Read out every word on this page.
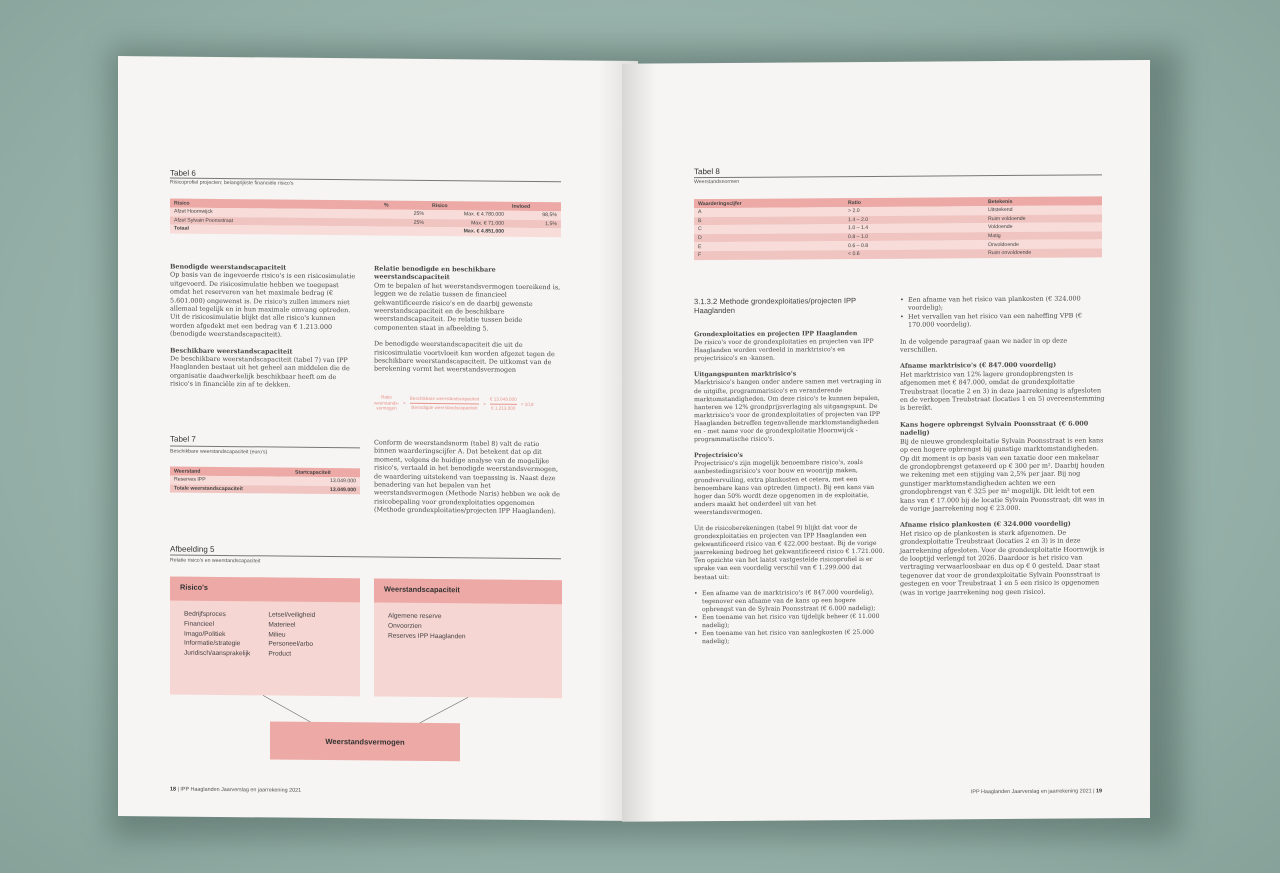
Tabel 6
Risicoprofiel projecten; belangrijkste financiële risico's
Risico	%	Risico	Invloed
Afzet Hoornwijck	25%	Max. € 4.780.000	98,5%
Afzet Sylvain Poonsstraat	25%	Max. € 71.000	1,5%
Totaal		Max. € 4.851.000	

Benodigde weerstandscapaciteit
Op basis van de ingevoerde risico's is een risicosimulatie uitgevoerd. De risicosimulatie hebben we toegepast omdat het reserveren van het maximale bedrag (€ 5.601.000) ongewenst is. De risico's zullen immers niet allemaal tegelijk en in hun maximale omvang optreden. Uit de risicosimulatie blijkt dat alle risico's kunnen worden afgedekt met een bedrag van € 1.213.000 (benodigde weerstandscapaciteit).

Beschikbare weerstandscapaciteit
De beschikbare weerstandscapaciteit (tabel 7) van IPP Haaglanden bestaat uit het geheel aan middelen die de organisatie daadwerkelijk beschikbaar heeft om de risico's in financiële zin af te dekken.

Tabel 7
Beschikbare weerstandscapaciteit (euro's)
Weerstand	Startcapaciteit
Reserves IPP	13.049.000
Totale weerstandscapaciteit	13.049.000

Relatie benodigde en beschikbare weerstandscapaciteit
Om te bepalen of het weerstandsvermogen toereikend is, leggen we de relatie tussen de financieel gekwantificeerde risico's en de daarbij gewenste weerstandscapaciteit en de beschikbare weerstandscapaciteit. De relatie tussen beide componenten staat in afbeelding 5.

De benodigde weerstandscapaciteit die uit de risicosimulatie voortvloeit kan worden afgezet tegen de beschikbare weerstandscapaciteit. De uitkomst van de berekening vormt het weerstandsvermogen

Ratio
weerstands-
vermogen
= $\frac{\text{Beschikbare weerstandscapaciteit}}{\text{Benodigde weerstandscapaciteit}} = \frac{€ 13.049.000}{€ 1.213.000} = 10,8$

Conform de weerstandsnorm (tabel 8) valt de ratio binnen waarderingscijfer A. Dat betekent dat op dit moment, volgens de huidige analyse van de mogelijke risico's, vertaald in het benodigde weerstandsvermogen, de waardering uitstekend van toepassing is. Naast deze benadering van het bepalen van het weerstandsvermogen (Methode Naris) hebben we ook de risicobepaling voor grondexploitaties opgenomen (Methode grondexploitaties/projecten IPP Haaglanden).

Afbeelding 5
Relatie risico's en weerstandscapaciteit
Risico's
Bedrijfsproces
Financieel
Imago/Politiek
Informatie/strategie
Juridisch/aansprakelijk
Letsel/veiligheid
Materieel
Milieu
Personeel/arbo
Product
Weerstandscapaciteit
Algemene reserve
Onvoorzien
Reserves IPP Haaglanden
Weerstandsvermogen
18 | IPP Haaglanden Jaarverslag en jaarrekening 2021
Tabel 8
Weerstandsnormen
Waarderingscijfer	Ratio	Betekenis
A	> 2.0	Uitstekend
B	1.4 – 2.0	Ruim voldoende
C	1.0 – 1.4	Voldoende
D	0.8 – 1.0	Matig
E	0.6 – 0.8	Onvoldoende
F	< 0.6	Ruim onvoldoende
3.1.3.2 Methode grondexploitaties/projecten IPP Haaglanden

Grondexploitaties en projecten IPP Haaglanden
De risico's voor de grondexploitaties en projecten van IPP Haaglanden worden verdeeld in marktrisico's en projectrisico's en -kansen.

Uitgangspunten marktrisico's
Marktrisico's hangen onder andere samen met vertraging in de uitgifte, programmarisico's en veranderende marktomstandigheden. Om deze risico's te kunnen bepalen, hanteren we 12% grondprijsverlaging als uitgangspunt. De marktrisico's voor de grondexploitaties of projecten van IPP Haaglanden betreffen tegenvallende marktomstandigheden en - met name voor de grondexploitatie Hoornwijck - programmatische risico's.

Projectrisico's
Projectrisico's zijn mogelijk benoembare risico's, zoals aanbestedingsrisico's voor bouw en woonrijp maken, grondvervuiling, extra plankosten et cetera, met een benoembare kans van optreden (impact). Bij een kans van hoger dan 50% wordt deze opgenomen in de exploitatie, anders maakt het onderdeel uit van het weerstandsvermogen.

Uit de risicoberekeningen (tabel 9) blijkt dat voor de grondexploitaties en projecten van IPP Haaglanden een gekwantificeerd risico van € 422.000 bestaat. Bij de vorige jaarrekening bedroeg het gekwantificeerd risico € 1.721.000. Ten opzichte van het laatst vastgestelde risicoprofiel is er sprake van een voordelig verschil van € 1.299.000 dat bestaat uit:

• Een afname van de marktrisico's (€ 847.000 voordelig), tegenover een afname van de kans op een hogere opbrengst van de Sylvain Poonsstraat (€ 6.000 nadelig);
• Een toename van het risico van tijdelijk beheer (€ 11.000 nadelig);
• Een toename van het risico van aanlegkosten (€ 25.000 nadelig);
• Een afname van het risico van plankosten (€ 324.000 voordelig);
• Het vervallen van het risico van een naheffing VPB (€ 170.000 voordelig).

In de volgende paragraaf gaan we nader in op deze verschillen.

Afname marktrisico's (€ 847.000 voordelig)
Het marktrisico van 12% lagere grondopbrengsten is afgenomen met € 847.000, omdat de grondexploitatie Treubstraat (locatie 2 en 3) in deze jaarrekening is afgesloten en de verkopen Treubstraat (locaties 1 en 5) overeenstemming is bereikt.

Kans hogere opbrengst Sylvain Poonsstraat (€ 6.000 nadelig)
Bij de nieuwe grondexploitatie Sylvain Poonsstraat is een kans op een hogere opbrengst bij gunstige marktomstandigheden. Op dit moment is op basis van een taxatie door een makelaar de grondopbrengst getaxeerd op € 300 per m². Daarbij houden we rekening met een stijging van 2,5% per jaar. Bij nog gunstiger marktomstandigheden achten we een grondopbrengst van € 325 per m² mogelijk. Dit leidt tot een kans van € 17.000 bij de locatie Sylvain Poonsstraat; dit was in de vorige jaarrekening nog € 23.000.

Afname risico plankosten (€ 324.000 voordelig)
Het risico op de plankosten is sterk afgenomen. De grondexploitatie Treubstraat (locaties 2 en 3) is in deze jaarrekening afgesloten. Voor de grondexploitatie Hoornwijk is de looptijd verlengd tot 2026. Daardoor is het risico van vertraging verwaarloosbaar en dus op € 0 gesteld. Daar staat tegenover dat voor de grondexploitatie Sylvain Poonsstraat is gestegen en voor Treubstraat 1 en 5 een risico is opgenomen (was in vorige jaarrekening nog geen risico).

IPP Haaglanden Jaarverslag en jaarrekening 2021 | 19
